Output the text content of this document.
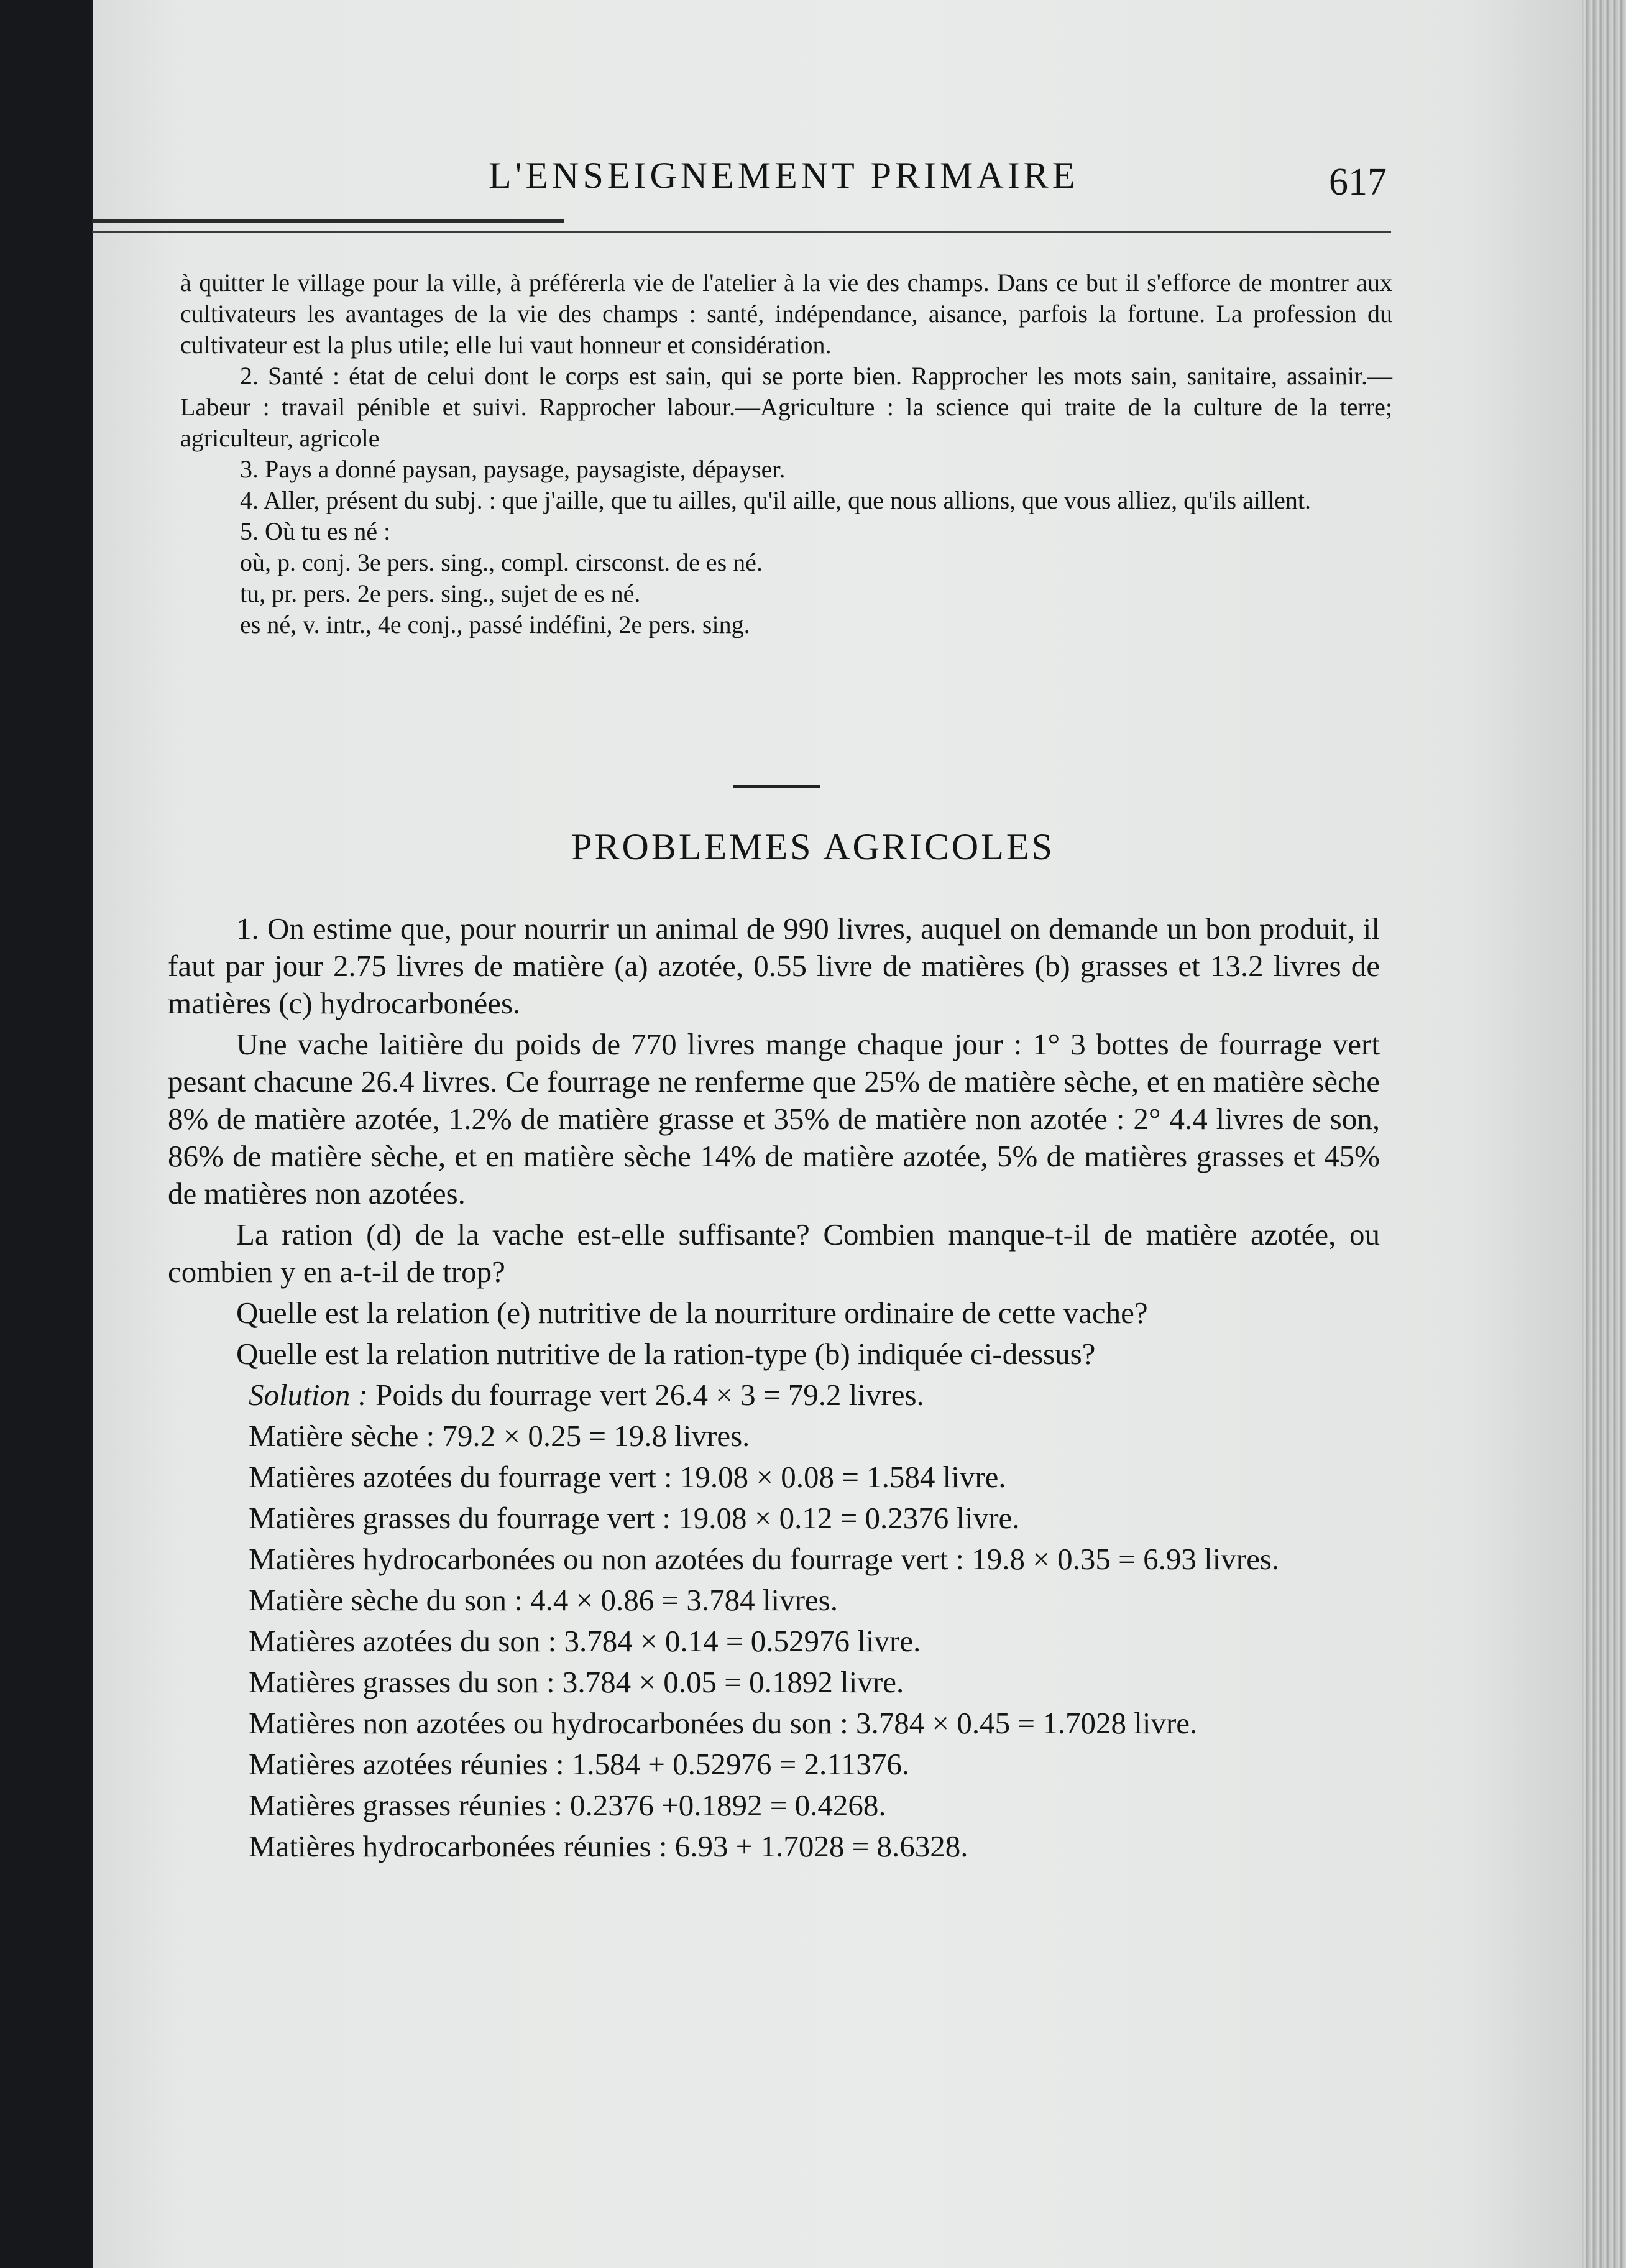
L'ENSEIGNEMENT PRIMAIRE	617

à quitter le village pour la ville, à préférerla vie de l'atelier à la vie des champs. Dans ce but il s'efforce de montrer aux cultivateurs les avantages de la vie des champs : santé, indépendance, aisance, parfois la fortune. La profession du cultivateur est la plus utile; elle lui vaut honneur et considération.

2. Santé : état de celui dont le corps est sain, qui se porte bien. Rapprocher les mots sain, sanitaire, assainir.—Labeur : travail pénible et suivi. Rapprocher labour.—Agriculture : la science qui traite de la culture de la terre; agriculteur, agricole

3. Pays a donné paysan, paysage, paysagiste, dépayser.

4. Aller, présent du subj. : que j'aille, que tu ailles, qu'il aille, que nous allions, que vous alliez, qu'ils aillent.

5. Où tu es né :

où, p. conj. 3e pers. sing., compl. cirsconst. de es né.

tu, pr. pers. 2e pers. sing., sujet de es né.

es né, v. intr., 4e conj., passé indéfini, 2e pers. sing.

PROBLEMES AGRICOLES

1. On estime que, pour nourrir un animal de 990 livres, auquel on demande un bon produit, il faut par jour 2.75 livres de matière (a) azotée, 0.55 livre de matières (b) grasses et 13.2 livres de matières (c) hydrocarbonées.

Une vache laitière du poids de 770 livres mange chaque jour : 1° 3 bottes de fourrage vert pesant chacune 26.4 livres. Ce fourrage ne renferme que 25% de matière sèche, et en matière sèche 8% de matière azotée, 1.2% de matière grasse et 35% de matière non azotée : 2° 4.4 livres de son, 86% de matière sèche, et en matière sèche 14% de matière azotée, 5% de matières grasses et 45% de matières non azotées.

La ration (d) de la vache est-elle suffisante? Combien manque-t-il de matière azotée, ou combien y en a-t-il de trop?

Quelle est la relation (e) nutritive de la nourriture ordinaire de cette vache?

Quelle est la relation nutritive de la ration-type (b) indiquée ci-dessus?

Solution : Poids du fourrage vert 26.4 × 3 = 79.2 livres.

Matière sèche : 79.2 × 0.25 = 19.8 livres.

Matières azotées du fourrage vert : 19.08 × 0.08 = 1.584 livre.

Matières grasses du fourrage vert : 19.08 × 0.12 = 0.2376 livre.

Matières hydrocarbonées ou non azotées du fourrage vert : 19.8 × 0.35 = 6.93 livres.

Matière sèche du son : 4.4 × 0.86 = 3.784 livres.

Matières azotées du son : 3.784 × 0.14 = 0.52976 livre.

Matières grasses du son : 3.784 × 0.05 = 0.1892 livre.

Matières non azotées ou hydrocarbonées du son : 3.784 × 0.45 = 1.7028 livre.

Matières azotées réunies : 1.584 + 0.52976 = 2.11376.

Matières grasses réunies : 0.2376 +0.1892 = 0.4268.

Matières hydrocarbonées réunies : 6.93 + 1.7028 = 8.6328.
